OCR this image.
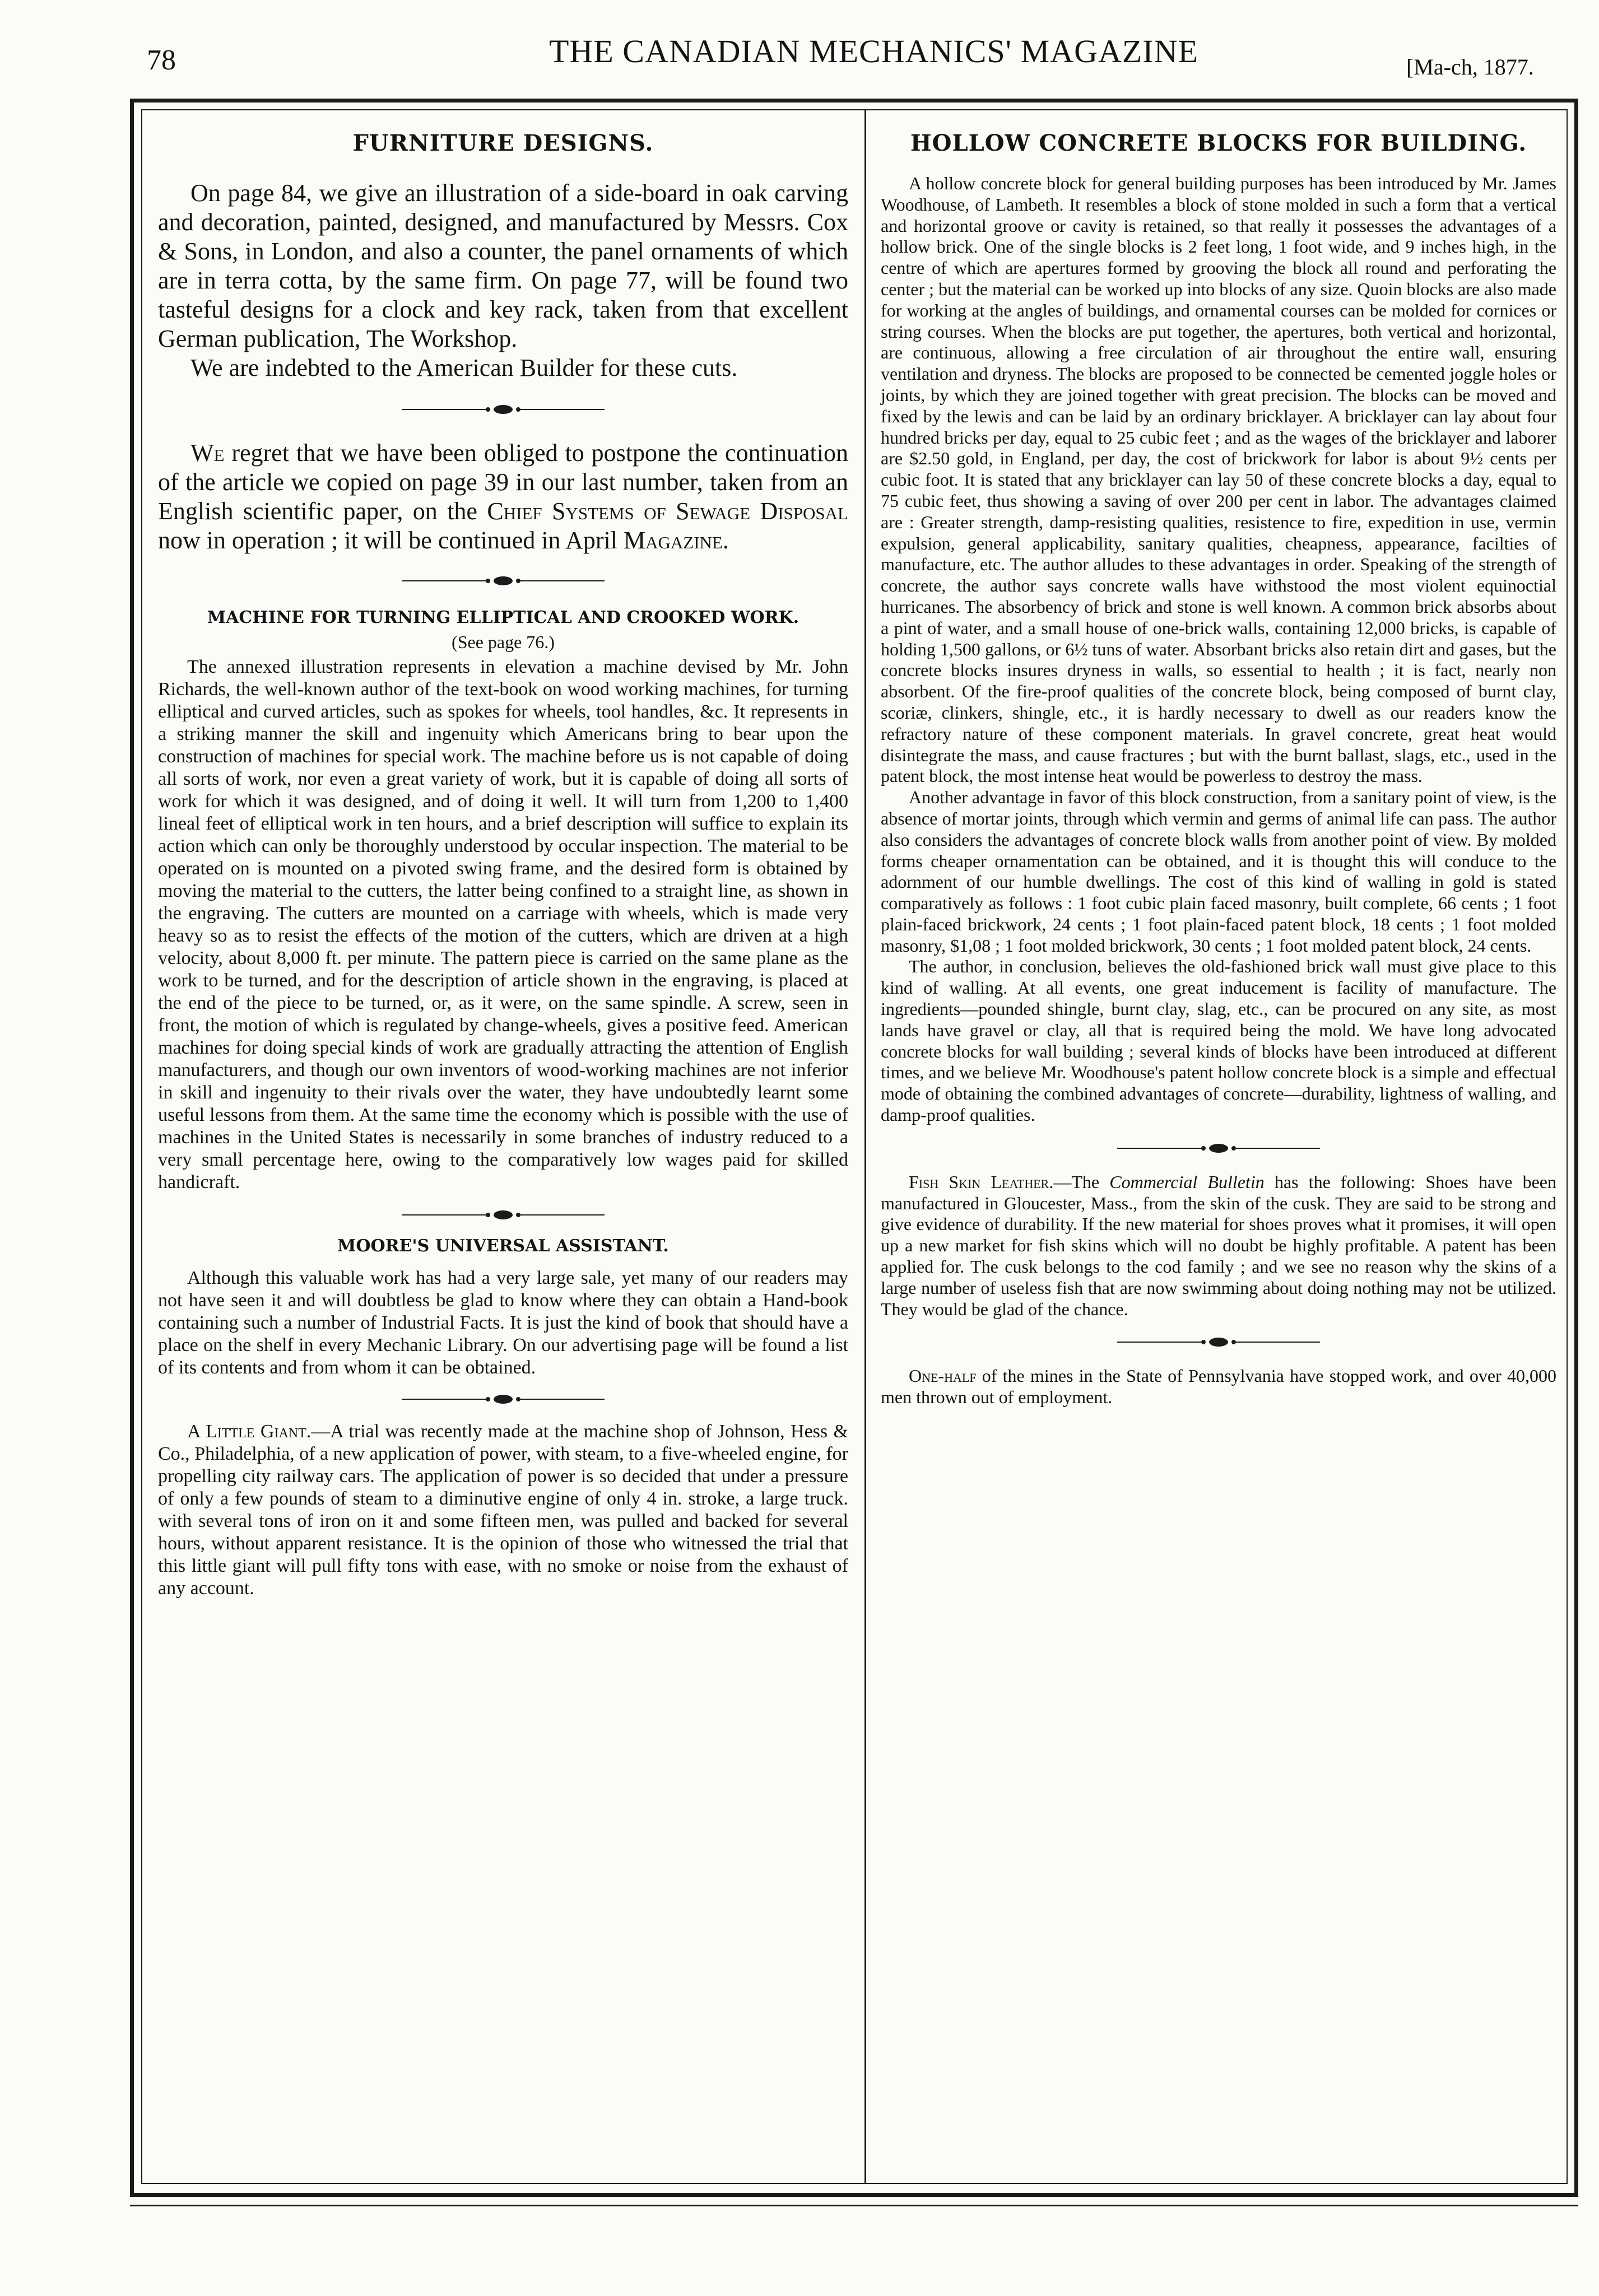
78	THE CANADIAN MECHANICS' MAGAZINE	[Ma-ch, 1877.
FURNITURE DESIGNS.

On page 84, we give an illustration of a side-board in oak carving and decoration, painted, designed, and manufactured by Messrs. Cox & Sons, in London, and also a counter, the panel ornaments of which are in terra cotta, by the same firm. On page 77, will be found two tasteful designs for a clock and key rack, taken from that excellent German publication, The Workshop.

We are indebted to the American Builder for these cuts.

We regret that we have been obliged to postpone the continuation of the article we copied on page 39 in our last number, taken from an English scientific paper, on the Chief Systems of Sewage Disposal now in operation ; it will be continued in April Magazine.

MACHINE FOR TURNING ELLIPTICAL AND CROOKED WORK.
(See page 76.)

The annexed illustration represents in elevation a machine devised by Mr. John Richards, the well-known author of the text-book on wood working machines, for turning elliptical and curved articles, such as spokes for wheels, tool handles, &c. It represents in a striking manner the skill and ingenuity which Americans bring to bear upon the construction of machines for special work. The machine before us is not capable of doing all sorts of work, nor even a great variety of work, but it is capable of doing all sorts of work for which it was designed, and of doing it well. It will turn from 1,200 to 1,400 lineal feet of elliptical work in ten hours, and a brief description will suffice to explain its action which can only be thoroughly understood by occular inspection. The material to be operated on is mounted on a pivoted swing frame, and the desired form is obtained by moving the material to the cutters, the latter being confined to a straight line, as shown in the engraving. The cutters are mounted on a carriage with wheels, which is made very heavy so as to resist the effects of the motion of the cutters, which are driven at a high velocity, about 8,000 ft. per minute. The pattern piece is carried on the same plane as the work to be turned, and for the description of article shown in the engraving, is placed at the end of the piece to be turned, or, as it were, on the same spindle. A screw, seen in front, the motion of which is regulated by change-wheels, gives a positive feed. American machines for doing special kinds of work are gradually attracting the attention of English manufacturers, and though our own inventors of wood-working machines are not inferior in skill and ingenuity to their rivals over the water, they have undoubtedly learnt some useful lessons from them. At the same time the economy which is possible with the use of machines in the United States is necessarily in some branches of industry reduced to a very small percentage here, owing to the comparatively low wages paid for skilled handicraft.

MOORE'S UNIVERSAL ASSISTANT.

Although this valuable work has had a very large sale, yet many of our readers may not have seen it and will doubtless be glad to know where they can obtain a Hand-book containing such a number of Industrial Facts. It is just the kind of book that should have a place on the shelf in every Mechanic Library. On our advertising page will be found a list of its contents and from whom it can be obtained.

A Little Giant.—A trial was recently made at the machine shop of Johnson, Hess & Co., Philadelphia, of a new application of power, with steam, to a five-wheeled engine, for propelling city railway cars. The application of power is so decided that under a pressure of only a few pounds of steam to a diminutive engine of only 4 in. stroke, a large truck. with several tons of iron on it and some fifteen men, was pulled and backed for several hours, without apparent resistance. It is the opinion of those who witnessed the trial that this little giant will pull fifty tons with ease, with no smoke or noise from the exhaust of any account.

HOLLOW CONCRETE BLOCKS FOR BUILDING.

A hollow concrete block for general building purposes has been introduced by Mr. James Woodhouse, of Lambeth. It resembles a block of stone molded in such a form that a vertical and horizontal groove or cavity is retained, so that really it possesses the advantages of a hollow brick. One of the single blocks is 2 feet long, 1 foot wide, and 9 inches high, in the centre of which are apertures formed by grooving the block all round and perforating the center ; but the material can be worked up into blocks of any size. Quoin blocks are also made for working at the angles of buildings, and ornamental courses can be molded for cornices or string courses. When the blocks are put together, the apertures, both vertical and horizontal, are continuous, allowing a free circulation of air throughout the entire wall, ensuring ventilation and dryness. The blocks are proposed to be connected be cemented joggle holes or joints, by which they are joined together with great precision. The blocks can be moved and fixed by the lewis and can be laid by an ordinary bricklayer. A bricklayer can lay about four hundred bricks per day, equal to 25 cubic feet ; and as the wages of the bricklayer and laborer are $2.50 gold, in England, per day, the cost of brickwork for labor is about 9½ cents per cubic foot. It is stated that any bricklayer can lay 50 of these concrete blocks a day, equal to 75 cubic feet, thus showing a saving of over 200 per cent in labor. The advantages claimed are : Greater strength, damp-resisting qualities, resistence to fire, expedition in use, vermin expulsion, general applicability, sanitary qualities, cheapness, appearance, facilties of manufacture, etc. The author alludes to these advantages in order. Speaking of the strength of concrete, the author says concrete walls have withstood the most violent equinoctial hurricanes. The absorbency of brick and stone is well known. A common brick absorbs about a pint of water, and a small house of one-brick walls, containing 12,000 bricks, is capable of holding 1,500 gallons, or 6½ tuns of water. Absorbant bricks also retain dirt and gases, but the concrete blocks insures dryness in walls, so essential to health ; it is fact, nearly non absorbent. Of the fire-proof qualities of the concrete block, being composed of burnt clay, scoriæ, clinkers, shingle, etc., it is hardly necessary to dwell as our readers know the refractory nature of these component materials. In gravel concrete, great heat would disintegrate the mass, and cause fractures ; but with the burnt ballast, slags, etc., used in the patent block, the most intense heat would be powerless to destroy the mass.

Another advantage in favor of this block construction, from a sanitary point of view, is the absence of mortar joints, through which vermin and germs of animal life can pass. The author also considers the advantages of concrete block walls from another point of view. By molded forms cheaper ornamentation can be obtained, and it is thought this will conduce to the adornment of our humble dwellings. The cost of this kind of walling in gold is stated comparatively as follows : 1 foot cubic plain faced masonry, built complete, 66 cents ; 1 foot plain-faced brickwork, 24 cents ; 1 foot plain-faced patent block, 18 cents ; 1 foot molded masonry, $1,08 ; 1 foot molded brickwork, 30 cents ; 1 foot molded patent block, 24 cents.

The author, in conclusion, believes the old-fashioned brick wall must give place to this kind of walling. At all events, one great inducement is facility of manufacture. The ingredients—pounded shingle, burnt clay, slag, etc., can be procured on any site, as most lands have gravel or clay, all that is required being the mold. We have long advocated concrete blocks for wall building ; several kinds of blocks have been introduced at different times, and we believe Mr. Woodhouse's patent hollow concrete block is a simple and effectual mode of obtaining the combined advantages of concrete—durability, lightness of walling, and damp-proof qualities.

Fish Skin Leather.—The Commercial Bulletin has the following: Shoes have been manufactured in Gloucester, Mass., from the skin of the cusk. They are said to be strong and give evidence of durability. If the new material for shoes proves what it promises, it will open up a new market for fish skins which will no doubt be highly profitable. A patent has been applied for. The cusk belongs to the cod family ; and we see no reason why the skins of a large number of useless fish that are now swimming about doing nothing may not be utilized. They would be glad of the chance.

One-half of the mines in the State of Pennsylvania have stopped work, and over 40,000 men thrown out of employment.
